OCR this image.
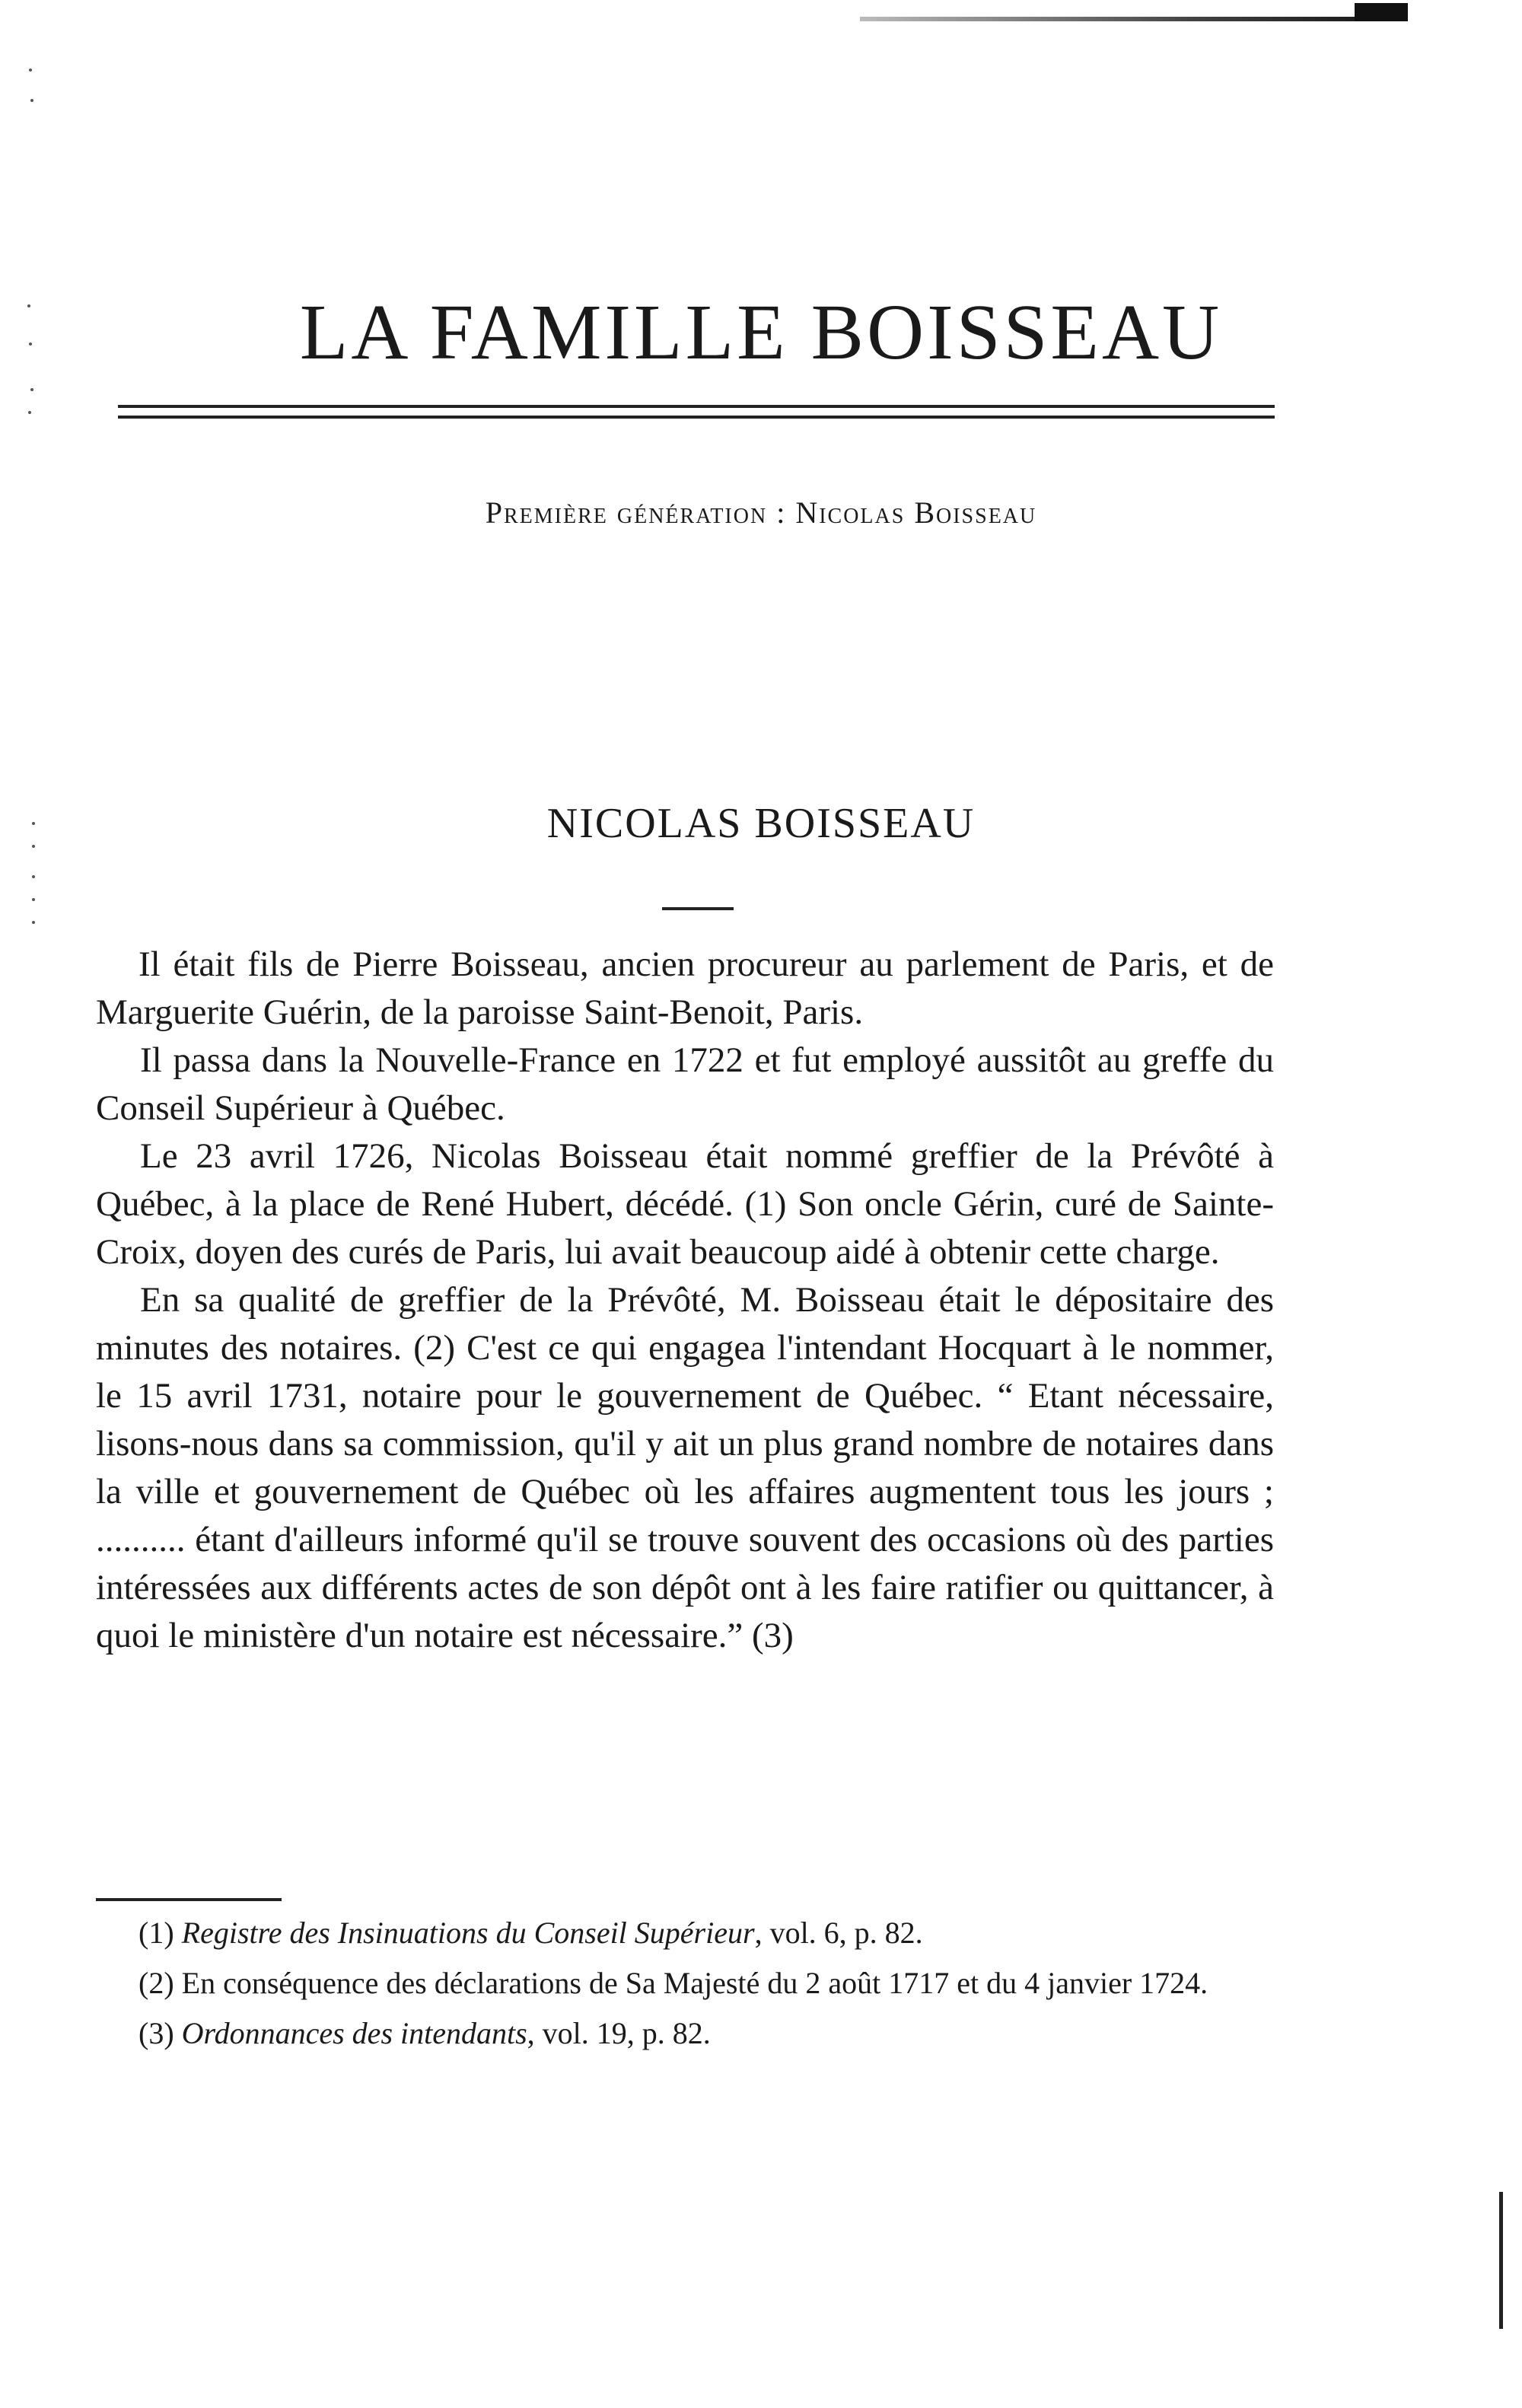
LA FAMILLE BOISSEAU

Première génération : Nicolas Boisseau

NICOLAS BOISSEAU

Il était fils de Pierre Boisseau, ancien procureur au parlement de Paris, et de Marguerite Guérin, de la paroisse Saint-Benoit, Paris.

Il passa dans la Nouvelle-France en 1722 et fut employé aussitôt au greffe du Conseil Supérieur à Québec.

Le 23 avril 1726, Nicolas Boisseau était nommé greffier de la Prévôté à Québec, à la place de René Hubert, décédé. (1) Son oncle Gérin, curé de Sainte-Croix, doyen des curés de Paris, lui avait beaucoup aidé à obtenir cette charge.

En sa qualité de greffier de la Prévôté, M. Boisseau était le dépositaire des minutes des notaires. (2) C'est ce qui engagea l'intendant Hocquart à le nommer, le 15 avril 1731, notaire pour le gouvernement de Québec. “ Etant nécessaire, lisons-nous dans sa commission, qu'il y ait un plus grand nombre de notaires dans la ville et gouvernement de Québec où les affaires augmentent tous les jours ; .......... étant d'ailleurs informé qu'il se trouve souvent des occasions où des parties intéressées aux différents actes de son dépôt ont à les faire ratifier ou quittancer, à quoi le ministère d'un notaire est nécessaire.” (3)

(1) Registre des Insinuations du Conseil Supérieur, vol. 6, p. 82.

(2) En conséquence des déclarations de Sa Majesté du 2 août 1717 et du 4 janvier 1724.

(3) Ordonnances des intendants, vol. 19, p. 82.
